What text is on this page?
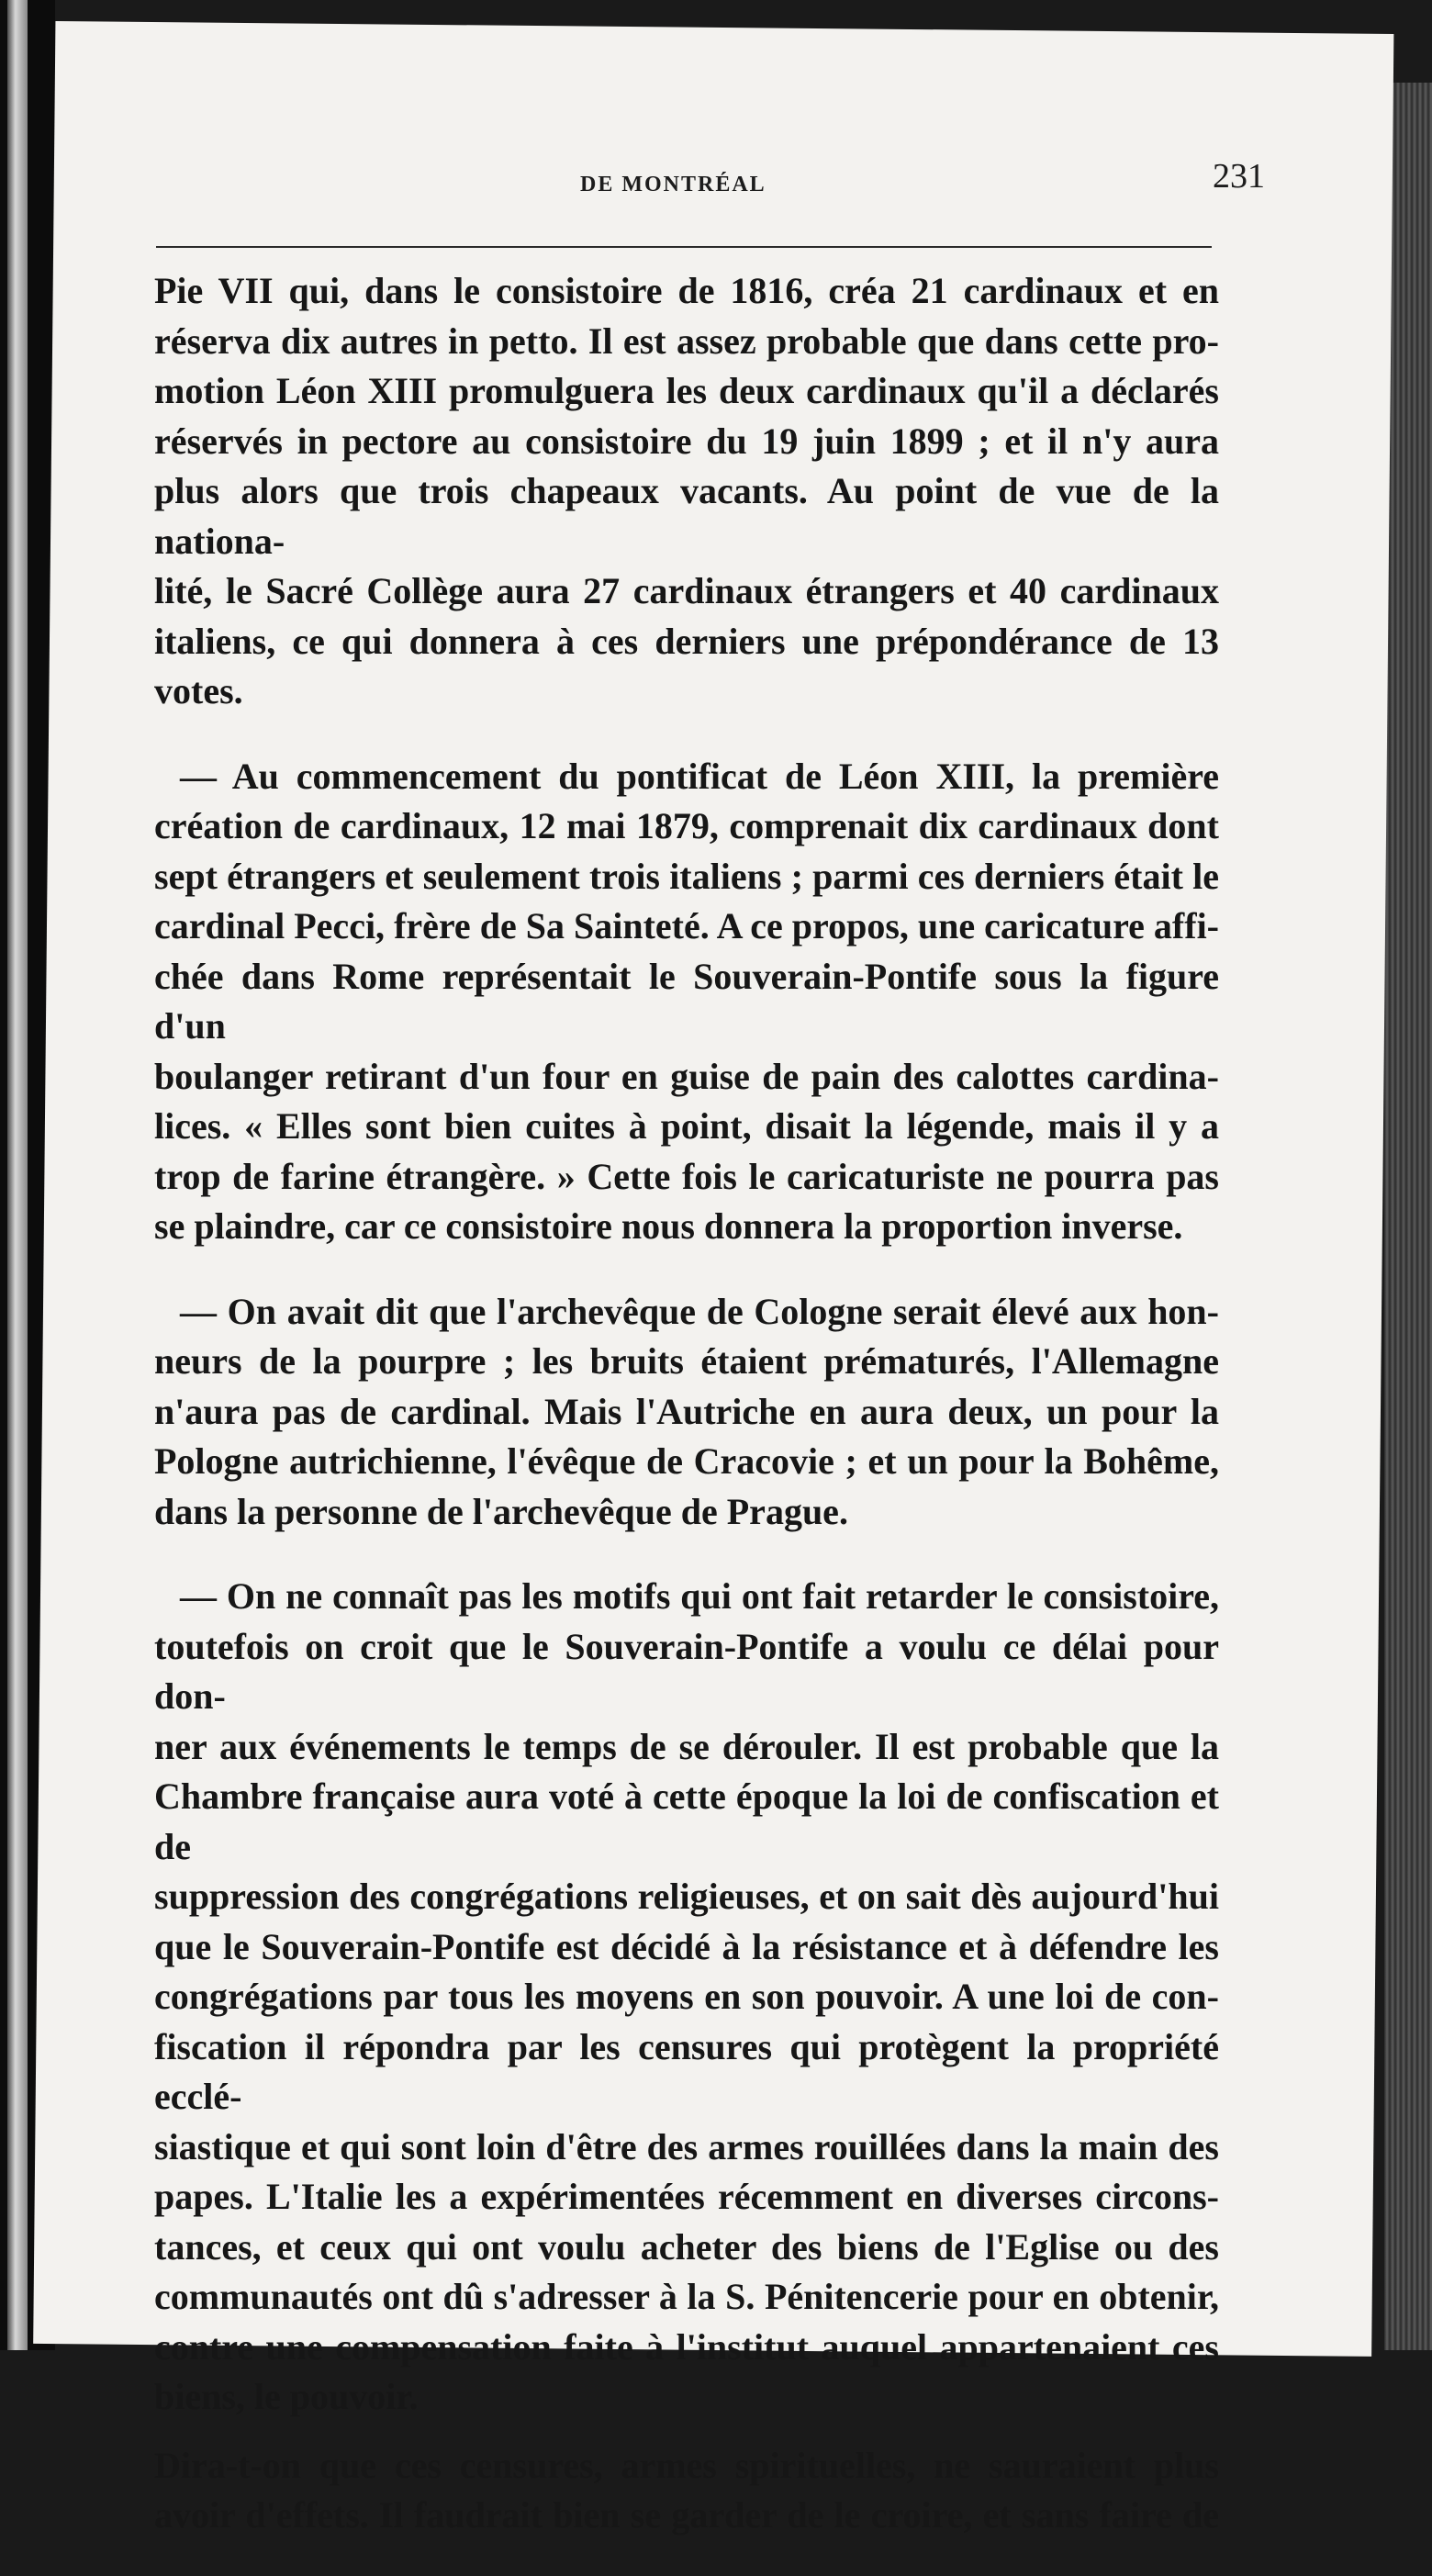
DE MONTRÉAL	231

Pie VII qui, dans le consistoire de 1816, créa 21 cardinaux et en
réserva dix autres in petto. Il est assez probable que dans cette pro-
motion Léon XIII promulguera les deux cardinaux qu'il a déclarés
réservés in pectore au consistoire du 19 juin 1899 ; et il n'y aura
plus alors que trois chapeaux vacants. Au point de vue de la nationa-
lité, le Sacré Collège aura 27 cardinaux étrangers et 40 cardinaux
italiens, ce qui donnera à ces derniers une prépondérance de 13
votes.

— Au commencement du pontificat de Léon XIII, la première
création de cardinaux, 12 mai 1879, comprenait dix cardinaux dont
sept étrangers et seulement trois italiens ; parmi ces derniers était le
cardinal Pecci, frère de Sa Sainteté. A ce propos, une caricature affi-
chée dans Rome représentait le Souverain-Pontife sous la figure d'un
boulanger retirant d'un four en guise de pain des calottes cardina-
lices. « Elles sont bien cuites à point, disait la légende, mais il y a
trop de farine étrangère. » Cette fois le caricaturiste ne pourra pas
se plaindre, car ce consistoire nous donnera la proportion inverse.

— On avait dit que l'archevêque de Cologne serait élevé aux hon-
neurs de la pourpre ; les bruits étaient prématurés, l'Allemagne
n'aura pas de cardinal. Mais l'Autriche en aura deux, un pour la
Pologne autrichienne, l'évêque de Cracovie ; et un pour la Bohême,
dans la personne de l'archevêque de Prague.

— On ne connaît pas les motifs qui ont fait retarder le consistoire,
toutefois on croit que le Souverain-Pontife a voulu ce délai pour don-
ner aux événements le temps de se dérouler. Il est probable que la
Chambre française aura voté à cette époque la loi de confiscation et de
suppression des congrégations religieuses, et on sait dès aujourd'hui
que le Souverain-Pontife est décidé à la résistance et à défendre les
congrégations par tous les moyens en son pouvoir. A une loi de con-
fiscation il répondra par les censures qui protègent la propriété ecclé-
siastique et qui sont loin d'être des armes rouillées dans la main des
papes. L'Italie les a expérimentées récemment en diverses circons-
tances, et ceux qui ont voulu acheter des biens de l'Eglise ou des
communautés ont dû s'adresser à la S. Pénitencerie pour en obtenir,
contre une compensation faite à l'institut auquel appartenaient ces
biens, le pouvoir.

Dira-t-on que ces censures, armes spirituelles, ne sauraient plus
avoir d'effets. Il faudrait bien se garder de le croire, et sans faire de
